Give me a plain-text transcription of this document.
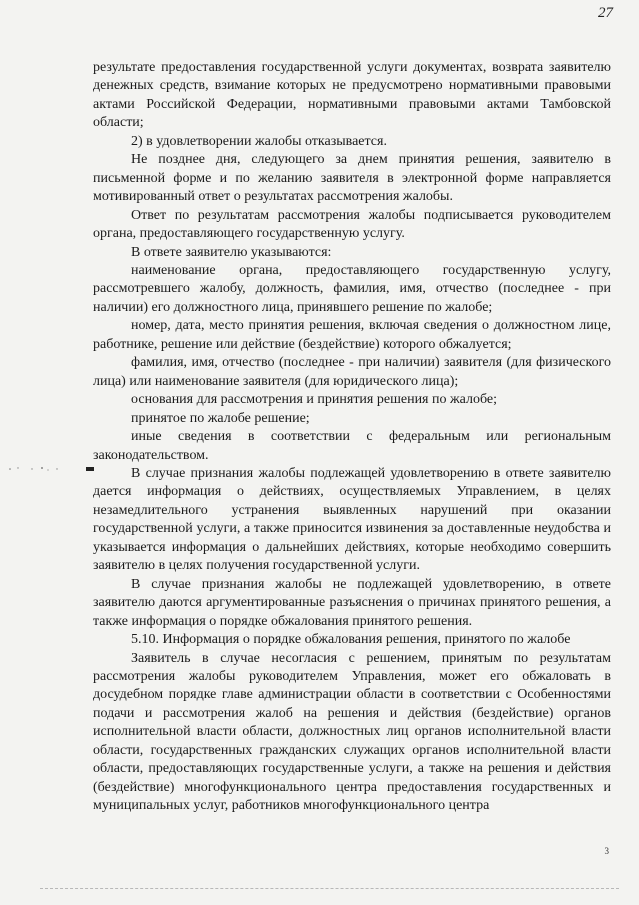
27

результате предоставления государственной услуги документах, возврата заявителю денежных средств, взимание которых не предусмотрено нормативными правовыми актами Российской Федерации, нормативными правовыми актами Тамбовской области;

2) в удовлетворении жалобы отказывается.

Не позднее дня, следующего за днем принятия решения, заявителю в письменной форме и по желанию заявителя в электронной форме направляется мотивированный ответ о результатах рассмотрения жалобы.

Ответ по результатам рассмотрения жалобы подписывается руководителем органа, предоставляющего государственную услугу.

В ответе заявителю указываются:

наименование органа, предоставляющего государственную услугу, рассмотревшего жалобу, должность, фамилия, имя, отчество (последнее - при наличии) его должностного лица, принявшего решение по жалобе;

номер, дата, место принятия решения, включая сведения о должностном лице, работнике, решение или действие (бездействие) которого обжалуется;

фамилия, имя, отчество (последнее - при наличии) заявителя (для физического лица) или наименование заявителя (для юридического лица);

основания для рассмотрения и принятия решения по жалобе;

принятое по жалобе решение;

иные сведения в соответствии с федеральным или региональным законодательством.

В случае признания жалобы подлежащей удовлетворению в ответе заявителю дается информация о действиях, осуществляемых Управлением, в целях незамедлительного устранения выявленных нарушений при оказании государственной услуги, а также приносится извинения за доставленные неудобства и указывается информация о дальнейших действиях, которые необходимо совершить заявителю в целях получения государственной услуги.

В случае признания жалобы не подлежащей удовлетворению, в ответе заявителю даются аргументированные разъяснения о причинах принятого решения, а также информация о порядке обжалования принятого решения.

5.10. Информация о порядке обжалования решения, принятого по жалобе

Заявитель в случае несогласия с решением, принятым по результатам рассмотрения жалобы руководителем Управления, может его обжаловать в досудебном порядке главе администрации области в соответствии с Особенностями подачи и рассмотрения жалоб на решения и действия (бездействие) органов исполнительной власти области, должностных лиц органов исполнительной власти области, государственных гражданских служащих органов исполнительной власти области, предоставляющих государственные услуги, а также на решения и действия (бездействие) многофункционального центра предоставления государственных и муниципальных услуг, работников многофункционального центра

3
